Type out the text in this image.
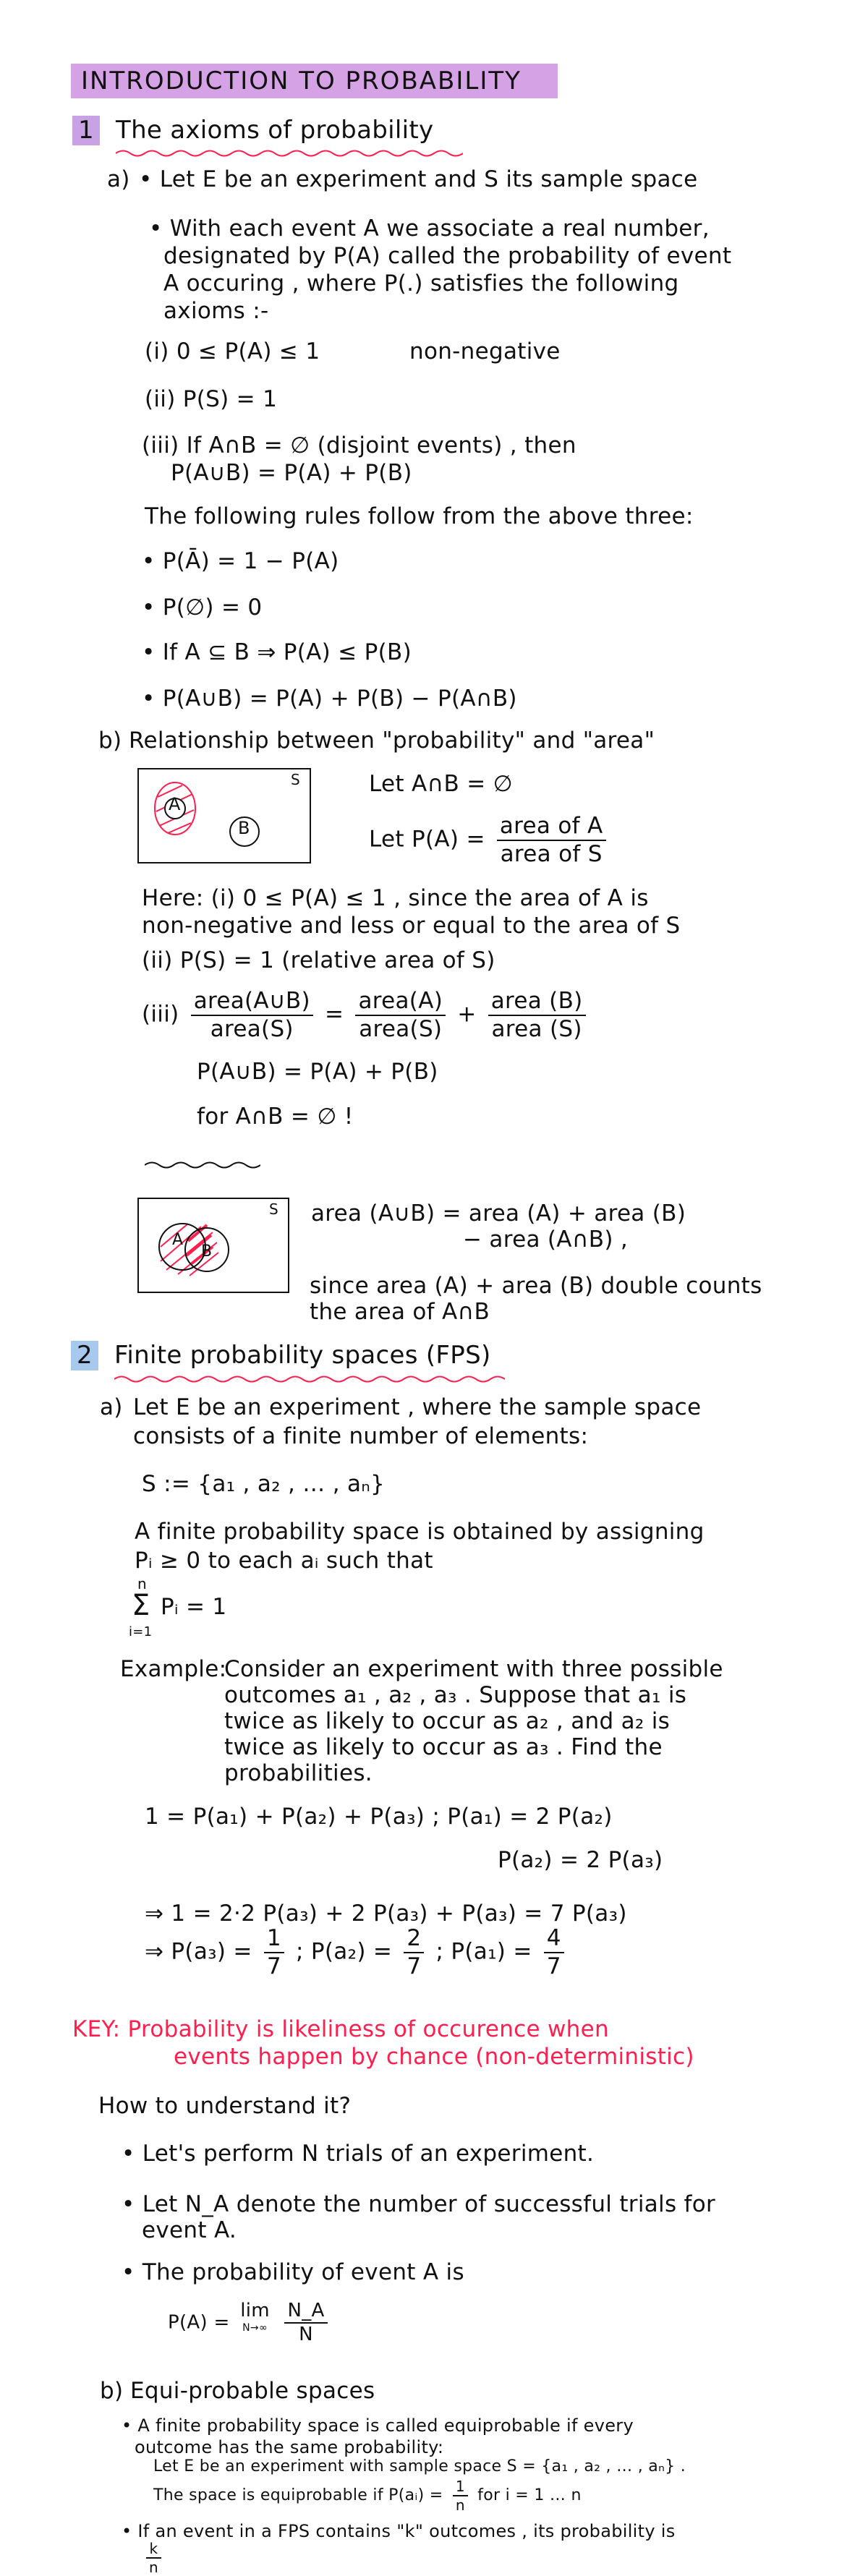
INTRODUCTION TO PROBABILITY
1 The axioms of probability
a) • Let E be an experiment and S its sample space
• With each event A we associate a real number,
designated by P(A) called the probability of event
A occuring , where P(.) satisfies the following
axioms :-
(i) 0 ≤ P(A) ≤ 1	non-negative
(ii) P(S) = 1
(iii) If A∩B = ∅ (disjoint events) , then
P(A∪B) = P(A) + P(B)
The following rules follow from the above three:
• P(Ā) = 1 − P(A)
• P(∅) = 0
• If A ⊆ B ⇒ P(A) ≤ P(B)
• P(A∪B) = P(A) + P(B) − P(A∩B)
b) Relationship between "probability" and "area"
A
B
S	Let A∩B = ∅
Let $P(A) = \frac{\text{area of A}}{\text{area of S}}$
Here: (i) 0 ≤ P(A) ≤ 1 , since the area of A is
non-negative and less or equal to the area of S
(ii) P(S) = 1 (relative area of S)
$(iii) \frac{\text{area(A∪B)}}{\text{area(S)}} = \frac{\text{area(A)}}{\text{area(S)}} + \frac{\text{area (B)}}{\text{area (S)}}$
P(A∪B) = P(A) + P(B)
for A∩B = ∅ !
A
B
S area (A∪B) = area (A) + area (B)
− area (A∩B) ,
since area (A) + area (B) double counts
the area of A∩B
2 Finite probability spaces (FPS)
a) Let E be an experiment , where the sample space
consists of a finite number of elements:
S := {a₁ , a₂ , … , aₙ}
A finite probability space is obtained by assigning
Pᵢ ≥ 0 to each aᵢ such that
n
Σ
i=1
Pᵢ = 1
Example:
Consider an experiment with three possible
outcomes a₁ , a₂ , a₃ . Suppose that a₁ is
twice as likely to occur as a₂ , and a₂ is
twice as likely to occur as a₃ . Find the
probabilities.
1 = P(a₁) + P(a₂) + P(a₃) ; P(a₁) = 2 P(a₂)
P(a₂) = 2 P(a₃)
⇒ 1 = 2·2 P(a₃) + 2 P(a₃) + P(a₃) = 7 P(a₃)
⇒ $P(a_3) = \frac{1}{7}$ ; $P(a_2) = \frac{2}{7}$ ; $P(a_1) = \frac{4}{7}$
KEY: Probability is likeliness of occurence when
events happen by chance (non-deterministic)
How to understand it?
• Let's perform N trials of an experiment.
• Let N_A denote the number of successful trials for
event A.
• The probability of event A is
P(A) = lim
N→∞
$\frac{N\_A}{N}$
b) Equi-probable spaces
• A finite probability space is called equiprobable if every
outcome has the same probability:
Let E be an experiment with sample space S = {a₁ , a₂ , … , aₙ} .
The space is equiprobable if P(aᵢ) = $\frac{1}{n}$ for i = 1 … n
• If an event in a FPS contains "k" outcomes , its probability is
$\frac{k}{n}$
